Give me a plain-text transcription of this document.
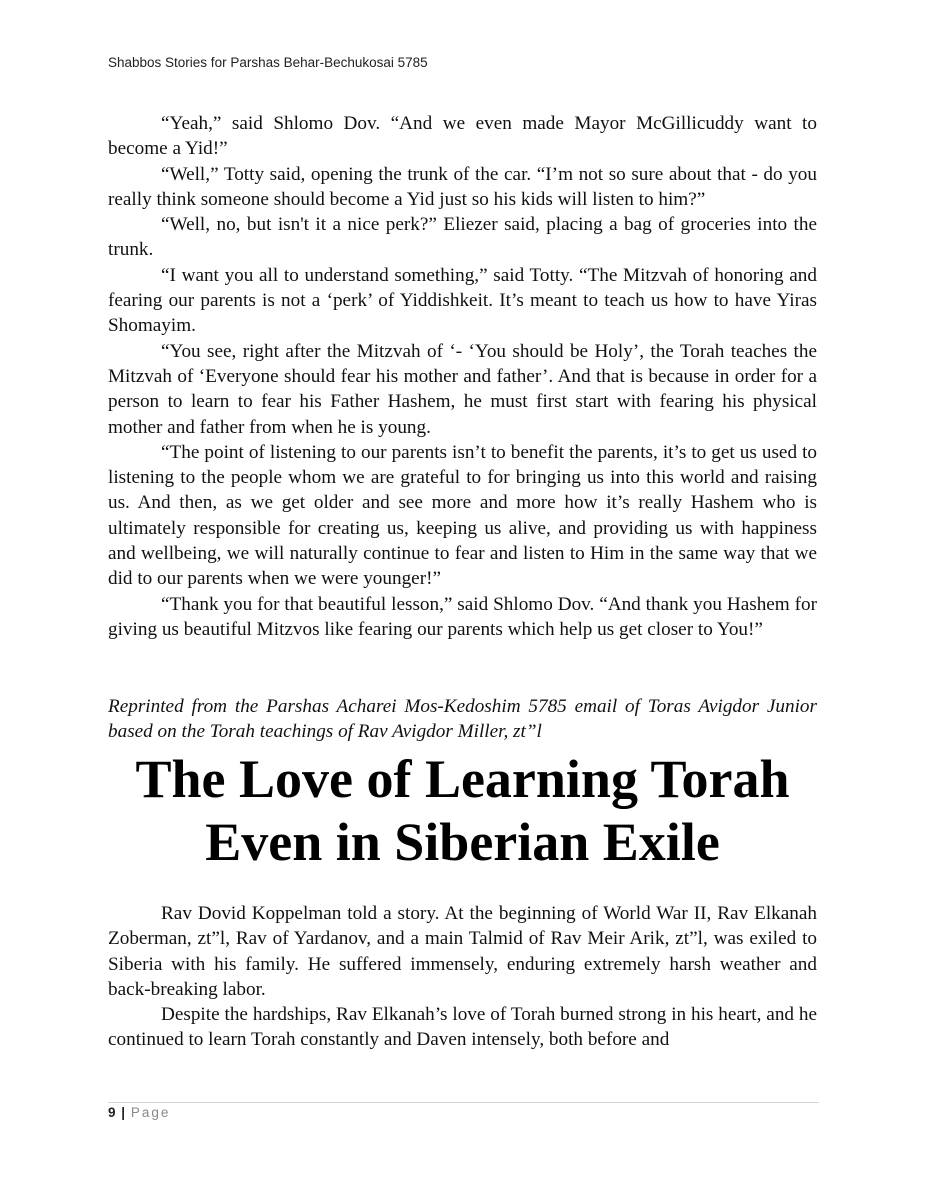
Shabbos Stories for Parshas Behar-Bechukosai 5785

“Yeah,” said Shlomo Dov. “And we even made Mayor McGillicuddy want to become a Yid!”

“Well,” Totty said, opening the trunk of the car. “I’m not so sure about that - do you really think someone should become a Yid just so his kids will listen to him?”

“Well, no, but isn't it a nice perk?” Eliezer said, placing a bag of groceries into the trunk.

“I want you all to understand something,” said Totty. “The Mitzvah of honoring and fearing our parents is not a ‘perk’ of Yiddishkeit. It’s meant to teach us how to have Yiras Shomayim.

“You see, right after the Mitzvah of ‘- ‘You should be Holy’, the Torah teaches the Mitzvah of ‘Everyone should fear his mother and father’. And that is because in order for a person to learn to fear his Father Hashem, he must first start with fearing his physical mother and father from when he is young.

“The point of listening to our parents isn’t to benefit the parents, it’s to get us used to listening to the people whom we are grateful to for bringing us into this world and raising us. And then, as we get older and see more and more how it’s really Hashem who is ultimately responsible for creating us, keeping us alive, and providing us with happiness and wellbeing, we will naturally continue to fear and listen to Him in the same way that we did to our parents when we were younger!”

“Thank you for that beautiful lesson,” said Shlomo Dov. “And thank you Hashem for giving us beautiful Mitzvos like fearing our parents which help us get closer to You!”

Reprinted from the Parshas Acharei Mos-Kedoshim 5785 email of Toras Avigdor Junior based on the Torah teachings of Rav Avigdor Miller, zt”l
The Love of Learning Torah
Even in Siberian Exile

Rav Dovid Koppelman told a story. At the beginning of World War II, Rav Elkanah Zoberman, zt”l, Rav of Yardanov, and a main Talmid of Rav Meir Arik, zt”l, was exiled to Siberia with his family. He suffered immensely, enduring extremely harsh weather and back-breaking labor.

Despite the hardships, Rav Elkanah’s love of Torah burned strong in his heart, and he continued to learn Torah constantly and Daven intensely, both before and

9 | Page
